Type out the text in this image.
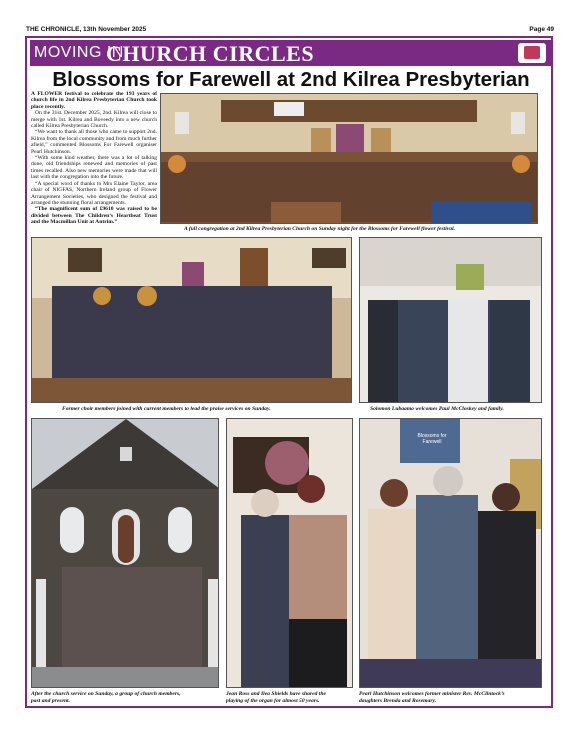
THE CHRONICLE, 13th November 2025	Page 49
MOVING IN
CHURCH CIRCLES
Blossoms for Farewell at 2nd Kilrea Presbyterian

A FLOWER festival to celebrate the 193 years of church life in 2nd Kilrea Presbyterian Church took place recently.

On the 31st. December 2025, 2nd. Kilrea will close to merge with 1st. Kilrea and Boveedy into a new church called Kilrea Presbyterian Church.

“We want to thank all those who came to support 2nd. Kilrea from the local community and from much further afield,” commented Blossoms For Farewell organiser Pearl Hutchinson.

“With some kind weather, there was a lot of talking done, old friendships renewed and memories of past times recalled. Also new memories were made that will last with the congregation into the future.

“A special word of thanks to Mrs Elaine Taylor, area chair of NIGFAS, Northern Ireland group of Flower Arrangement Societies, who designed the festival and arranged the stunning floral arrangements.

“The magnificent sum of £9610 was raised to be divided between The Children’s Heartbeat Trust and the Macmillan Unit at Antrim.”

A full congregation at 2nd Kilrea Presbyterian Church on Sunday night for the Blossoms for Farewell flower festival.
Former choir members joined with current members to lead the praise services on Sunday.	Solomon Lubaamo welcomes Paul McCloskey and family.
After the church service on Sunday, a group of church members,
past and present.
Jean Ross and Ilea Shields have shared the
playing of the organ for almost 50 years.
Blossoms for Farewell
Pearl Hutchinson welcomes former minister Rev. McClintock’s
daughters Brenda and Rosemary.
